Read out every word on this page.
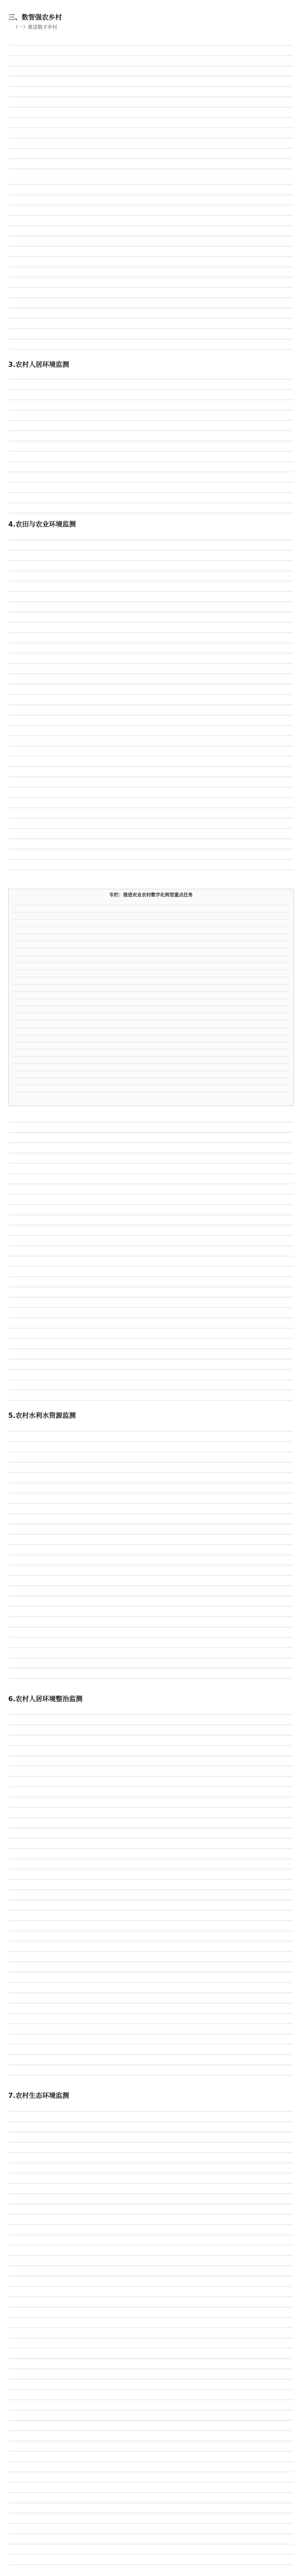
三、数智强农乡村

（一）推进数字乡村

3.农村人居环境监测

4.农田与农业环境监测

专栏：推进农业农村数字化转型重点任务

5.农村水利水资源监测

6.农村人居环境整治监测

7.农村生态环境监测
